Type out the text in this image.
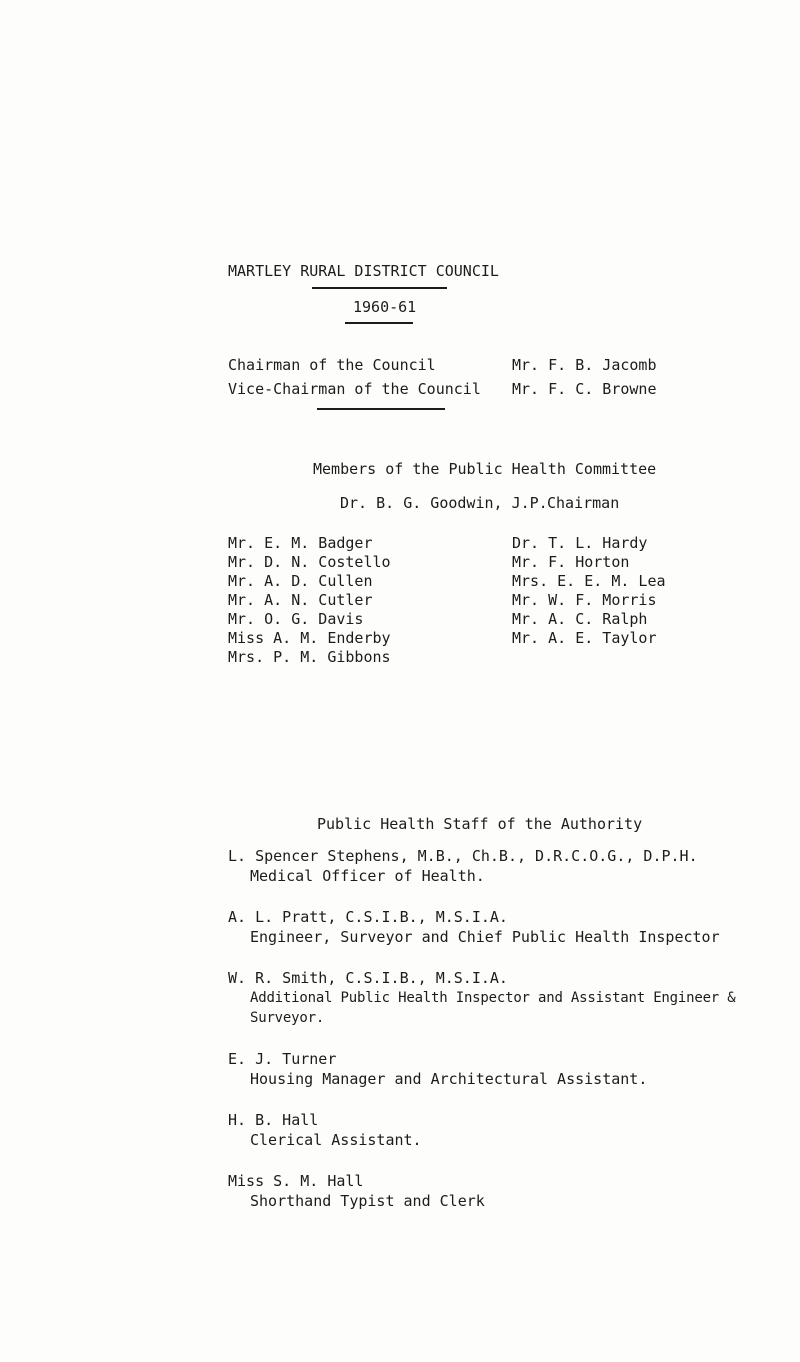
MARTLEY RURAL DISTRICT COUNCIL
1960-61
Chairman of the Council	Mr. F. B. Jacomb
Vice-Chairman of the Council Mr. F. C. Browne
Members of the Public Health Committee
Dr. B. G. Goodwin, J.P. Chairman
Mr. E. M. Badger
Mr. D. N. Costello
Mr. A. D. Cullen
Mr. A. N. Cutler
Mr. O. G. Davis
Miss A. M. Enderby
Mrs. P. M. Gibbons
Dr. T. L. Hardy
Mr. F. Horton
Mrs. E. E. M. Lea
Mr. W. F. Morris
Mr. A. C. Ralph
Mr. A. E. Taylor
Public Health Staff of the Authority
L. Spencer Stephens, M.B., Ch.B., D.R.C.O.G., D.P.H.
Medical Officer of Health.
A. L. Pratt, C.S.I.B., M.S.I.A.
Engineer, Surveyor and Chief Public Health Inspector
W. R. Smith, C.S.I.B., M.S.I.A.
Additional Public Health Inspector and Assistant Engineer & Surveyor.
E. J. Turner
Housing Manager and Architectural Assistant.
H. B. Hall
Clerical Assistant.
Miss S. M. Hall
Shorthand Typist and Clerk
